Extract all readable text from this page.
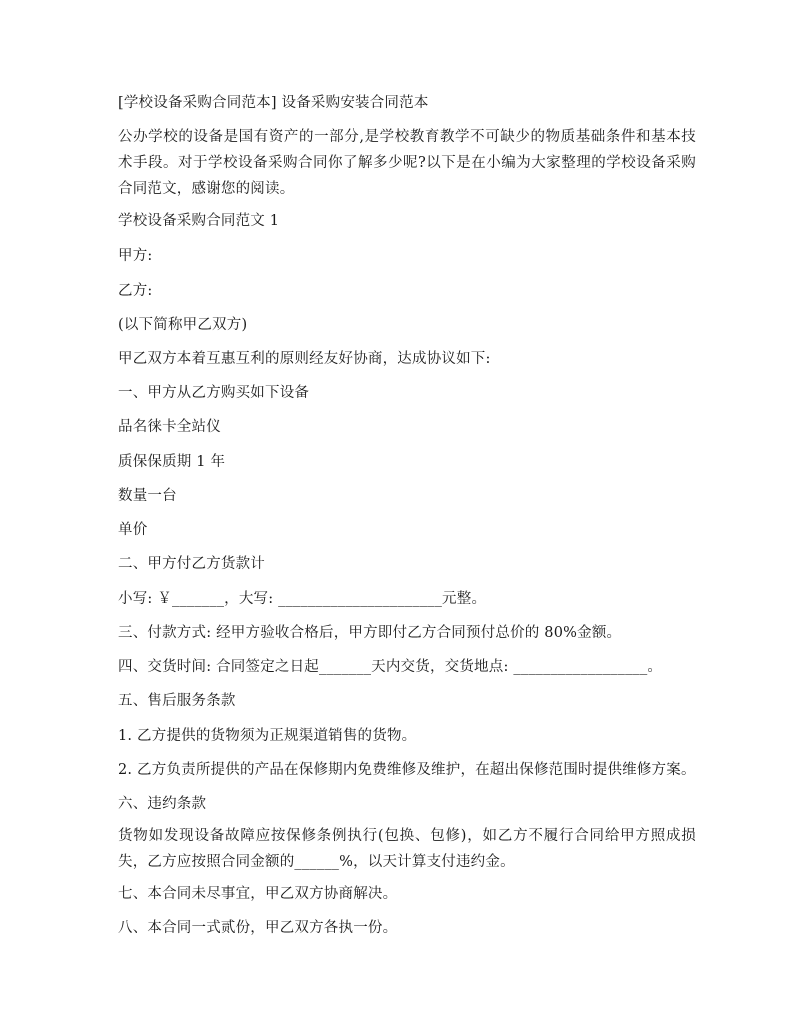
[学校设备采购合同范本] 设备采购安装合同范本
公办学校的设备是国有资产的一部分,是学校教育教学不可缺少的物质基础条件和基本技术手段。对于学校设备采购合同你了解多少呢?以下是在小编为大家整理的学校设备采购合同范文，感谢您的阅读。
学校设备采购合同范文 1
甲方:
乙方:
(以下简称甲乙双方)
甲乙双方本着互惠互利的原则经友好协商，达成协议如下:
一、甲方从乙方购买如下设备
品名徕卡全站仪
质保保质期 1 年
数量一台
单价
二、甲方付乙方货款计
小写: ￥_______，大写: ______________________元整。
三、付款方式: 经甲方验收合格后，甲方即付乙方合同预付总价的 80%金额。
四、交货时间: 合同签定之日起_______天内交货，交货地点: __________________。
五、售后服务条款
1. 乙方提供的货物须为正规渠道销售的货物。
2. 乙方负责所提供的产品在保修期内免费维修及维护，在超出保修范围时提供维修方案。
六、违约条款
货物如发现设备故障应按保修条例执行(包换、包修)，如乙方不履行合同给甲方照成损失，乙方应按照合同金额的______%，以天计算支付违约金。
七、本合同未尽事宜，甲乙双方协商解决。
八、本合同一式贰份，甲乙双方各执一份。
